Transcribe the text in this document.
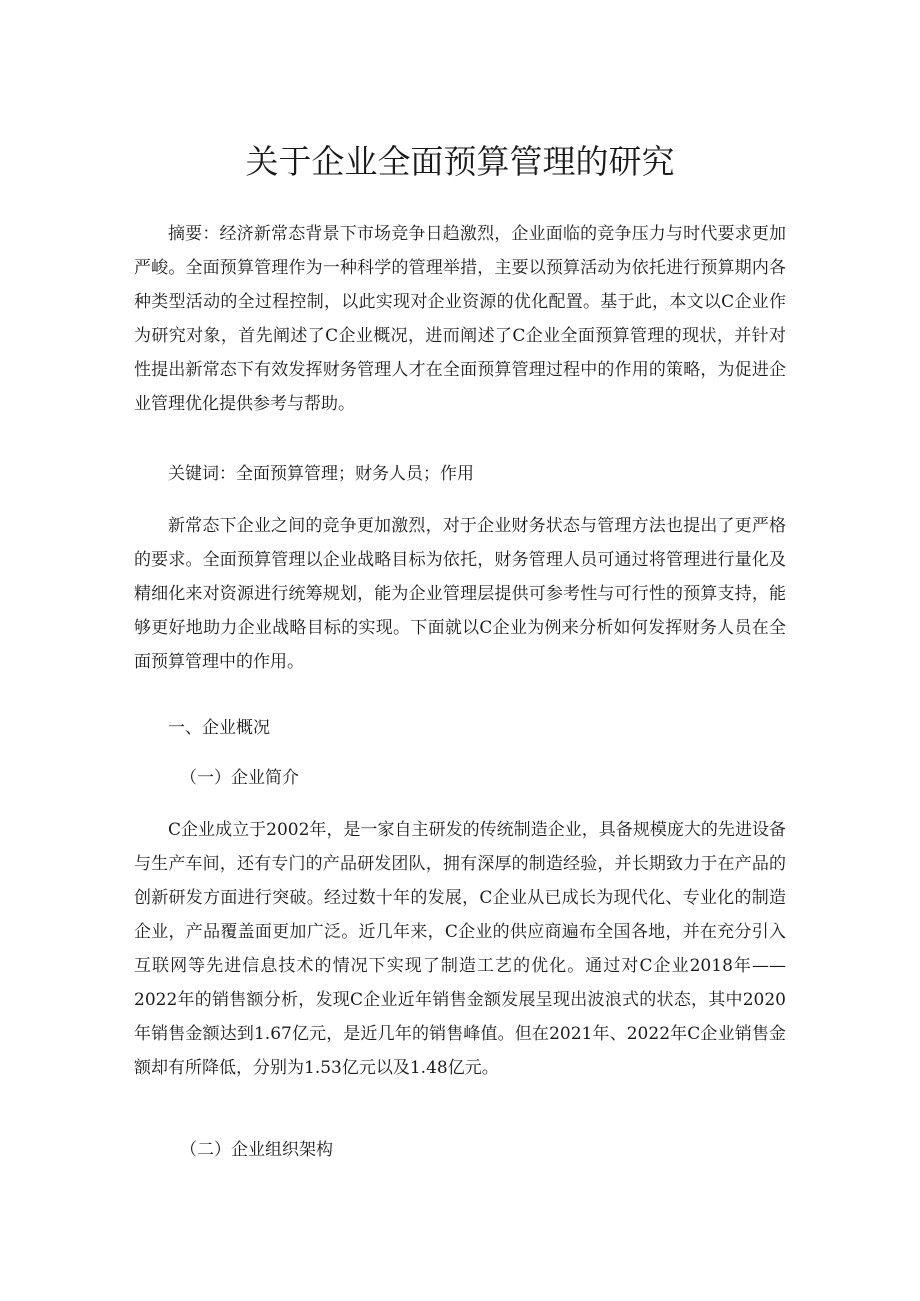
关于企业全面预算管理的研究

摘要：经济新常态背景下市场竞争日趋激烈，企业面临的竞争压力与时代要求更加严峻。全面预算管理作为一种科学的管理举措，主要以预算活动为依托进行预算期内各种类型活动的全过程控制，以此实现对企业资源的优化配置。基于此，本文以C企业作为研究对象，首先阐述了C企业概况，进而阐述了C企业全面预算管理的现状，并针对性提出新常态下有效发挥财务管理人才在全面预算管理过程中的作用的策略，为促进企业管理优化提供参考与帮助。

关键词：全面预算管理；财务人员；作用

新常态下企业之间的竞争更加激烈，对于企业财务状态与管理方法也提出了更严格的要求。全面预算管理以企业战略目标为依托，财务管理人员可通过将管理进行量化及精细化来对资源进行统筹规划，能为企业管理层提供可参考性与可行性的预算支持，能够更好地助力企业战略目标的实现。下面就以C企业为例来分析如何发挥财务人员在全面预算管理中的作用。

一、企业概况

（一）企业简介

C企业成立于2002年，是一家自主研发的传统制造企业，具备规模庞大的先进设备与生产车间，还有专门的产品研发团队，拥有深厚的制造经验，并长期致力于在产品的创新研发方面进行突破。经过数十年的发展，C企业从已成长为现代化、专业化的制造企业，产品覆盖面更加广泛。近几年来，C企业的供应商遍布全国各地，并在充分引入互联网等先进信息技术的情况下实现了制造工艺的优化。通过对C企业2018年——2022年的销售额分析，发现C企业近年销售金额发展呈现出波浪式的状态，其中2020年销售金额达到1.67亿元，是近几年的销售峰值。但在2021年、2022年C企业销售金额却有所降低，分别为1.53亿元以及1.48亿元。

（二）企业组织架构
